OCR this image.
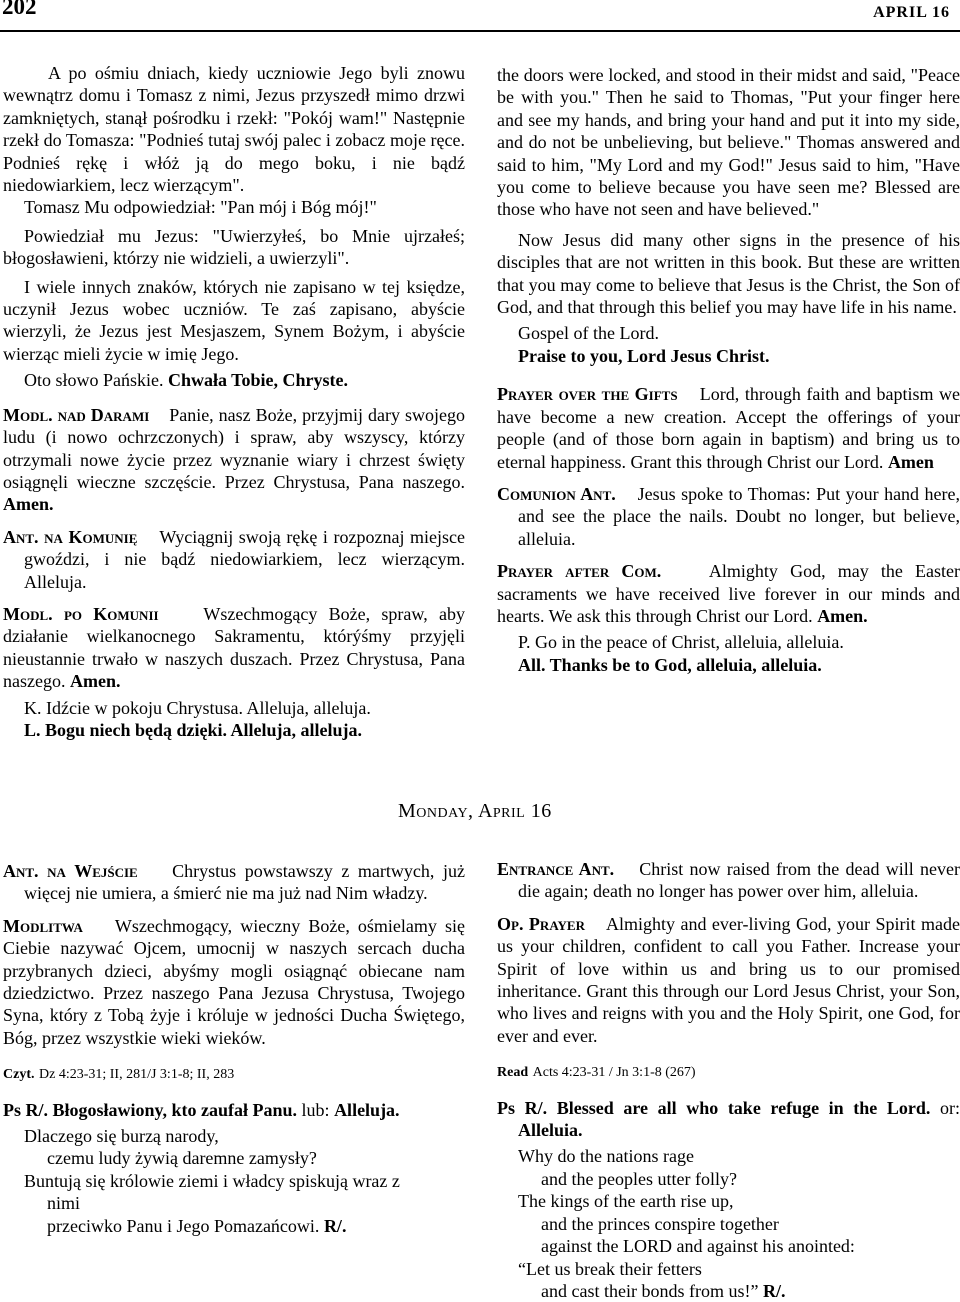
202	APRIL 16

A po ośmiu dniach, kiedy uczniowie Jego byli znowu wewnątrz domu i Tomasz z nimi, Jezus przyszedł mimo drzwi zamkniętych, stanął pośrodku i rzekł: "Pokój wam!" Następnie rzekł do Tomasza: "Podnieś tutaj swój palec i zobacz moje ręce. Podnieś rękę i włóż ją do mego boku, i nie bądź niedowiarkiem, lecz wierzącym".

Tomasz Mu odpowiedział: "Pan mój i Bóg mój!"

Powiedział mu Jezus: "Uwierzyłeś, bo Mnie ujrzałeś; błogosławieni, którzy nie widzieli, a uwierzyli".

I wiele innych znaków, których nie zapisano w tej księdze, uczynił Jezus wobec uczniów. Te zaś zapisano, abyście wierzyli, że Jezus jest Mesjaszem, Synem Bożym, i abyście wierząc mieli życie w imię Jego.

Oto słowo Pańskie. Chwała Tobie, Chryste.

Modl. nad Darami Panie, nasz Boże, przyjmij dary swojego ludu (i nowo ochrzczonych) i spraw, aby wszyscy, którzy otrzymali nowe życie przez wyznanie wiary i chrzest święty osiągnęli wieczne szczęście. Przez Chrystusa, Pana naszego. Amen.

Ant. na Komunię Wyciągnij swoją rękę i rozpoznaj miejsce gwoździ, i nie bądź niedowiarkiem, lecz wierzącym. Alleluja.

Modl. po Komunii Wszechmogący Boże, spraw, aby działanie wielkanocnego Sakramentu, którýśmy przyjęli nieustannie trwało w naszych duszach. Przez Chrystusa, Pana naszego. Amen.

K. Idźcie w pokoju Chrystusa. Alleluja, alleluja.

L. Bogu niech będą dzięki. Alleluja, alleluja.

the doors were locked, and stood in their midst and said, "Peace be with you." Then he said to Thomas, "Put your finger here and see my hands, and bring your hand and put it into my side, and do not be unbelieving, but believe." Thomas answered and said to him, "My Lord and my God!" Jesus said to him, "Have you come to believe because you have seen me? Blessed are those who have not seen and have believed."

Now Jesus did many other signs in the presence of his disciples that are not written in this book. But these are written that you may come to believe that Jesus is the Christ, the Son of God, and that through this belief you may have life in his name.

Gospel of the Lord.

Praise to you, Lord Jesus Christ.

Prayer over the Gifts Lord, through faith and baptism we have become a new creation. Accept the offerings of your people (and of those born again in baptism) and bring us to eternal happiness. Grant this through Christ our Lord. Amen

Comunion Ant. Jesus spoke to Thomas: Put your hand here, and see the place the nails. Doubt no longer, but believe, alleluia.

Prayer after Com.	Almighty God, may the Easter sacraments we have received live forever in our minds and hearts. We ask this through Christ our Lord. Amen.

P. Go in the peace of Christ, alleluia, alleluia.

All. Thanks be to God, alleluia, alleluia.

Monday, April 16

Ant. na Wejście Chrystus powstawszy z martwych, już więcej nie umiera, a śmierć nie ma już nad Nim władzy.

Modlitwa Wszechmogący, wieczny Boże, ośmielamy się Ciebie nazywać Ojcem, umocnij w naszych sercach ducha przybranych dzieci, abyśmy mogli osiągnąć obiecane nam dziedzictwo. Przez naszego Pana Jezusa Chrystusa, Twojego Syna, który z Tobą żyje i króluje w jedności Ducha Świętego, Bóg, przez wszystkie wieki wieków.

Czyt. Dz 4:23-31; II, 281/J 3:1-8; II, 283

Ps R/. Błogosławiony, kto zaufał Panu. lub: Alleluja.

Dlaczego się burzą narody,

czemu ludy żywią daremne zamysły?

Buntują się królowie ziemi i władcy spiskują wraz z

nimi

przeciwko Panu i Jego Pomazańcowi. R/.

Entrance Ant. Christ now raised from the dead will never die again; death no longer has power over him, alleluia.

Op. Prayer Almighty and ever-living God, your Spirit made us your children, confident to call you Father. Increase your Spirit of love within us and bring us to our promised inheritance. Grant this through our Lord Jesus Christ, your Son, who lives and reigns with you and the Holy Spirit, one God, for ever and ever.

Read Acts 4:23-31 / Jn 3:1-8 (267)

Ps R/. Blessed are all who take refuge in the Lord. or: Alleluia.

Why do the nations rage

and the peoples utter folly?

The kings of the earth rise up,

and the princes conspire together

against the LORD and against his anointed:

“Let us break their fetters

and cast their bonds from us!” R/.
